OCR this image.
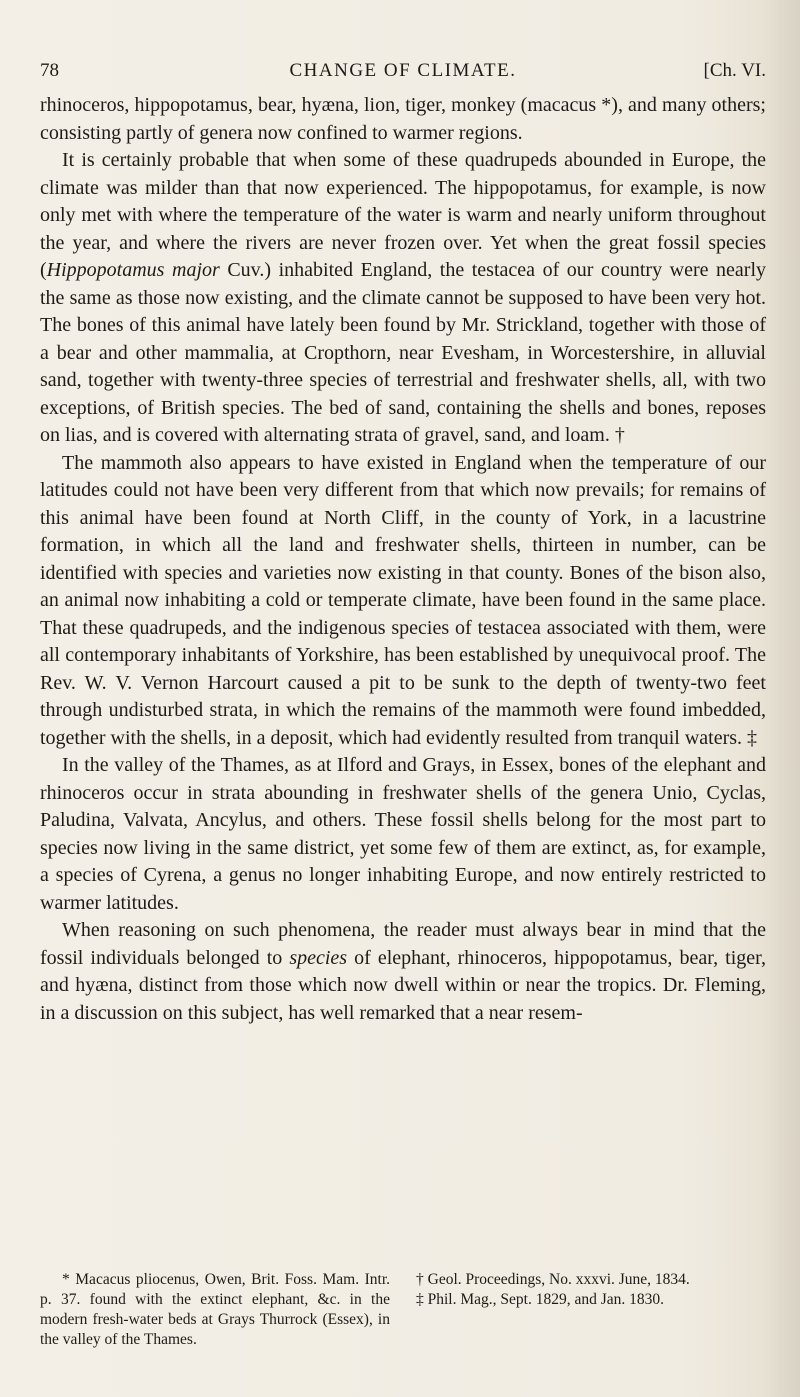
78	CHANGE OF CLIMATE.	[Ch. VI.

rhinoceros, hippopotamus, bear, hyæna, lion, tiger, monkey (macacus *), and many others; consisting partly of genera now confined to warmer regions.

It is certainly probable that when some of these quadrupeds abounded in Europe, the climate was milder than that now experienced. The hippopotamus, for example, is now only met with where the temperature of the water is warm and nearly uniform throughout the year, and where the rivers are never frozen over. Yet when the great fossil species (Hippopotamus major Cuv.) inhabited England, the testacea of our country were nearly the same as those now existing, and the climate cannot be supposed to have been very hot. The bones of this animal have lately been found by Mr. Strickland, together with those of a bear and other mammalia, at Cropthorn, near Evesham, in Worcestershire, in alluvial sand, together with twenty-three species of terrestrial and freshwater shells, all, with two exceptions, of British species. The bed of sand, containing the shells and bones, reposes on lias, and is covered with alternating strata of gravel, sand, and loam. †

The mammoth also appears to have existed in England when the temperature of our latitudes could not have been very different from that which now prevails; for remains of this animal have been found at North Cliff, in the county of York, in a lacustrine formation, in which all the land and freshwater shells, thirteen in number, can be identified with species and varieties now existing in that county. Bones of the bison also, an animal now inhabiting a cold or temperate climate, have been found in the same place. That these quadrupeds, and the indigenous species of testacea associated with them, were all contemporary inhabitants of Yorkshire, has been established by unequivocal proof. The Rev. W. V. Vernon Harcourt caused a pit to be sunk to the depth of twenty-two feet through undisturbed strata, in which the remains of the mammoth were found imbedded, together with the shells, in a deposit, which had evidently resulted from tranquil waters. ‡

In the valley of the Thames, as at Ilford and Grays, in Essex, bones of the elephant and rhinoceros occur in strata abounding in freshwater shells of the genera Unio, Cyclas, Paludina, Valvata, Ancylus, and others. These fossil shells belong for the most part to species now living in the same district, yet some few of them are extinct, as, for example, a species of Cyrena, a genus no longer inhabiting Europe, and now entirely restricted to warmer latitudes.

When reasoning on such phenomena, the reader must always bear in mind that the fossil individuals belonged to species of elephant, rhinoceros, hippopotamus, bear, tiger, and hyæna, distinct from those which now dwell within or near the tropics. Dr. Fleming, in a discussion on this subject, has well remarked that a near resem-

* Macacus pliocenus, Owen, Brit. Foss. Mam. Intr. p. 37. found with the extinct elephant, &c. in the modern fresh-water beds at Grays Thurrock (Essex), in the valley of the Thames.

† Geol. Proceedings, No. xxxvi. June, 1834.

‡ Phil. Mag., Sept. 1829, and Jan. 1830.
